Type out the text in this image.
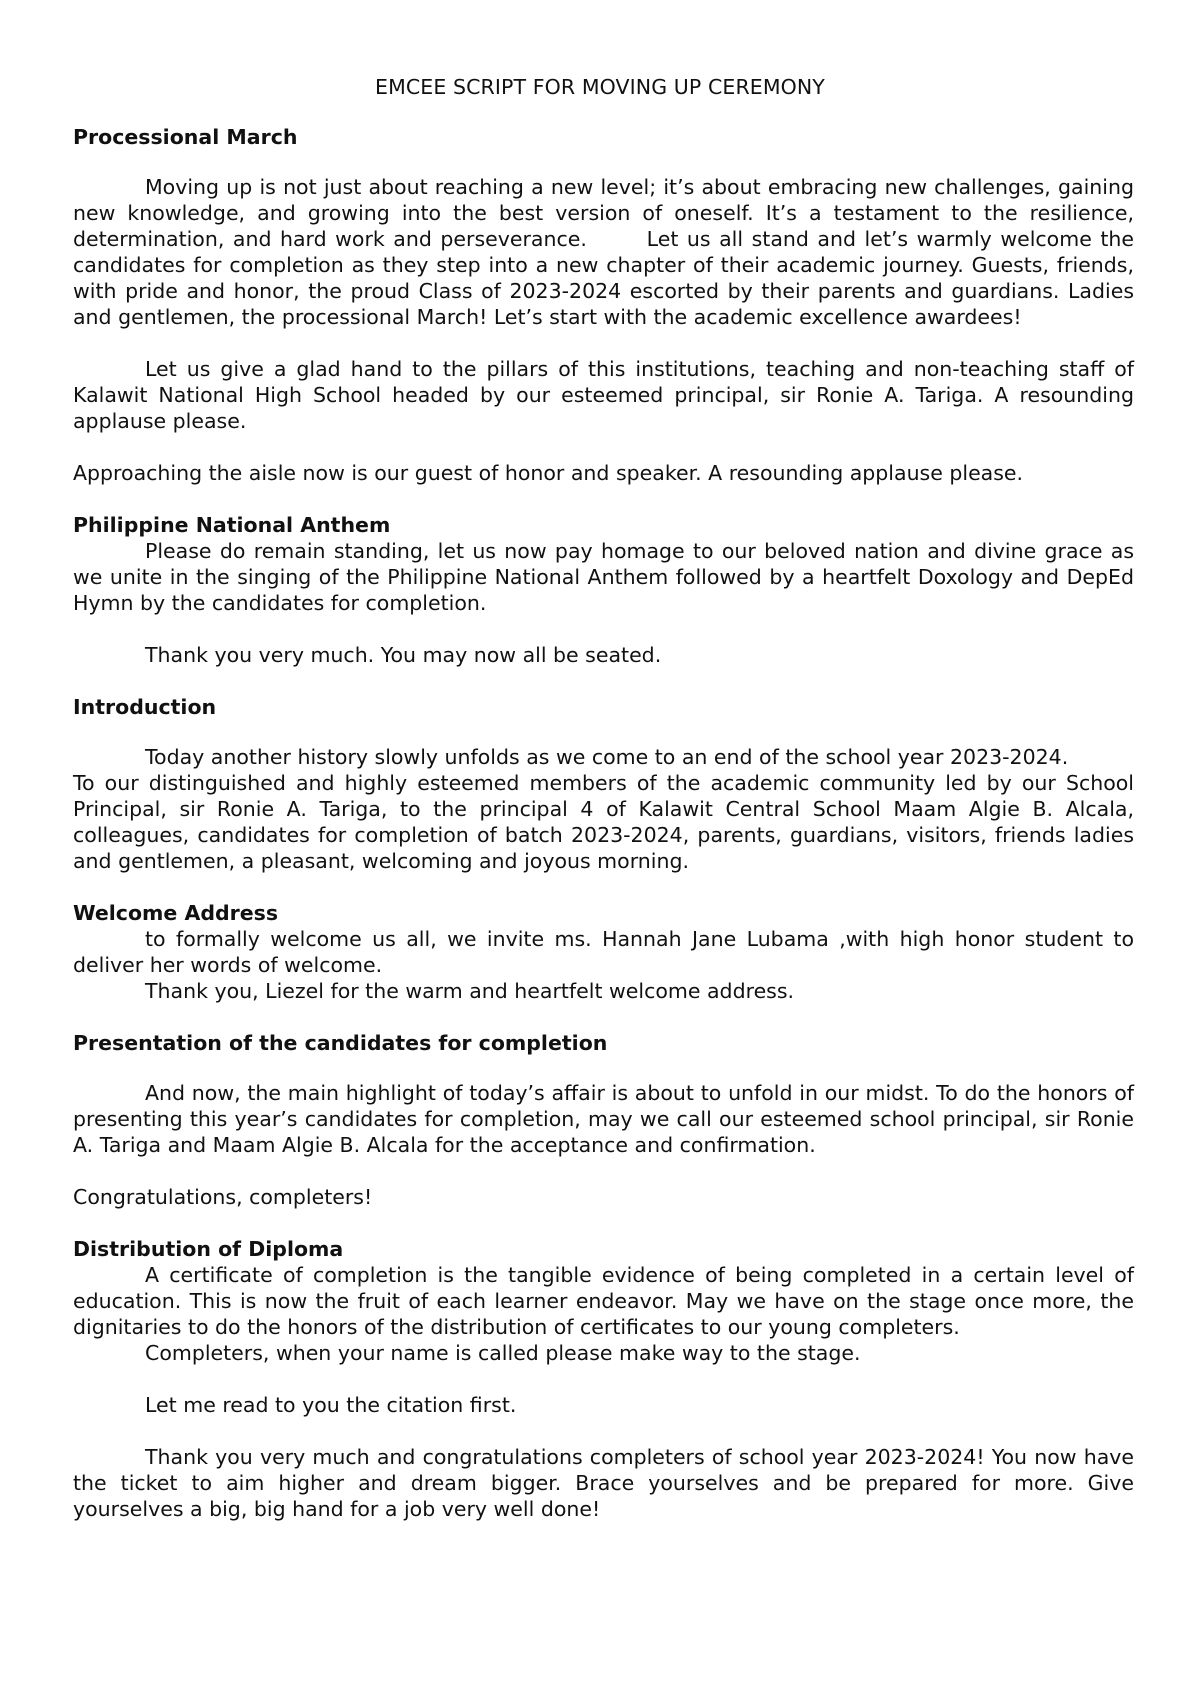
EMCEE SCRIPT FOR MOVING UP CEREMONY

Processional March

Moving up is not just about reaching a new level; it’s about embracing new challenges, gaining new knowledge, and growing into the best version of oneself. It’s a testament to the resilience, determination, and hard work and perseverance.       Let us all stand and let’s warmly welcome the candidates for completion as they step into a new chapter of their academic journey. Guests, friends, with pride and honor, the proud Class of 2023-2024 escorted by their parents and guardians. Ladies and gentlemen, the processional March! Let’s start with the academic excellence awardees!

Let us give a glad hand to the pillars of this institutions, teaching and non-teaching staff of Kalawit National High School headed by our esteemed principal, sir Ronie A. Tariga. A resounding applause please.

Approaching the aisle now is our guest of honor and speaker. A resounding applause please.

Philippine National Anthem

Please do remain standing, let us now pay homage to our beloved nation and divine grace as we unite in the singing of the Philippine National Anthem followed by a heartfelt Doxology and DepEd Hymn by the candidates for completion.

Thank you very much. You may now all be seated.

Introduction

Today another history slowly unfolds as we come to an end of the school year 2023-2024.

To our distinguished and highly esteemed members of the academic community led by our School Principal, sir Ronie A. Tariga, to the principal 4 of Kalawit Central School Maam Algie B. Alcala, colleagues, candidates for completion of batch 2023-2024, parents, guardians, visitors, friends ladies and gentlemen, a pleasant, welcoming and joyous morning.

Welcome Address

to formally welcome us all, we invite ms. Hannah Jane Lubama ,with high honor student to deliver her words of welcome.

Thank you, Liezel for the warm and heartfelt welcome address.

Presentation of the candidates for completion

And now, the main highlight of today’s affair is about to unfold in our midst. To do the honors of presenting this year’s candidates for completion, may we call our esteemed school principal, sir Ronie A. Tariga and Maam Algie B. Alcala for the acceptance and confirmation.

Congratulations, completers!

Distribution of Diploma

A certificate of completion is the tangible evidence of being completed in a certain level of education. This is now the fruit of each learner endeavor. May we have on the stage once more, the dignitaries to do the honors of the distribution of certificates to our young completers.

Completers, when your name is called please make way to the stage.

Let me read to you the citation first.

Thank you very much and congratulations completers of school year 2023-2024! You now have the ticket to aim higher and dream bigger. Brace yourselves and be prepared for more. Give yourselves a big, big hand for a job very well done!
